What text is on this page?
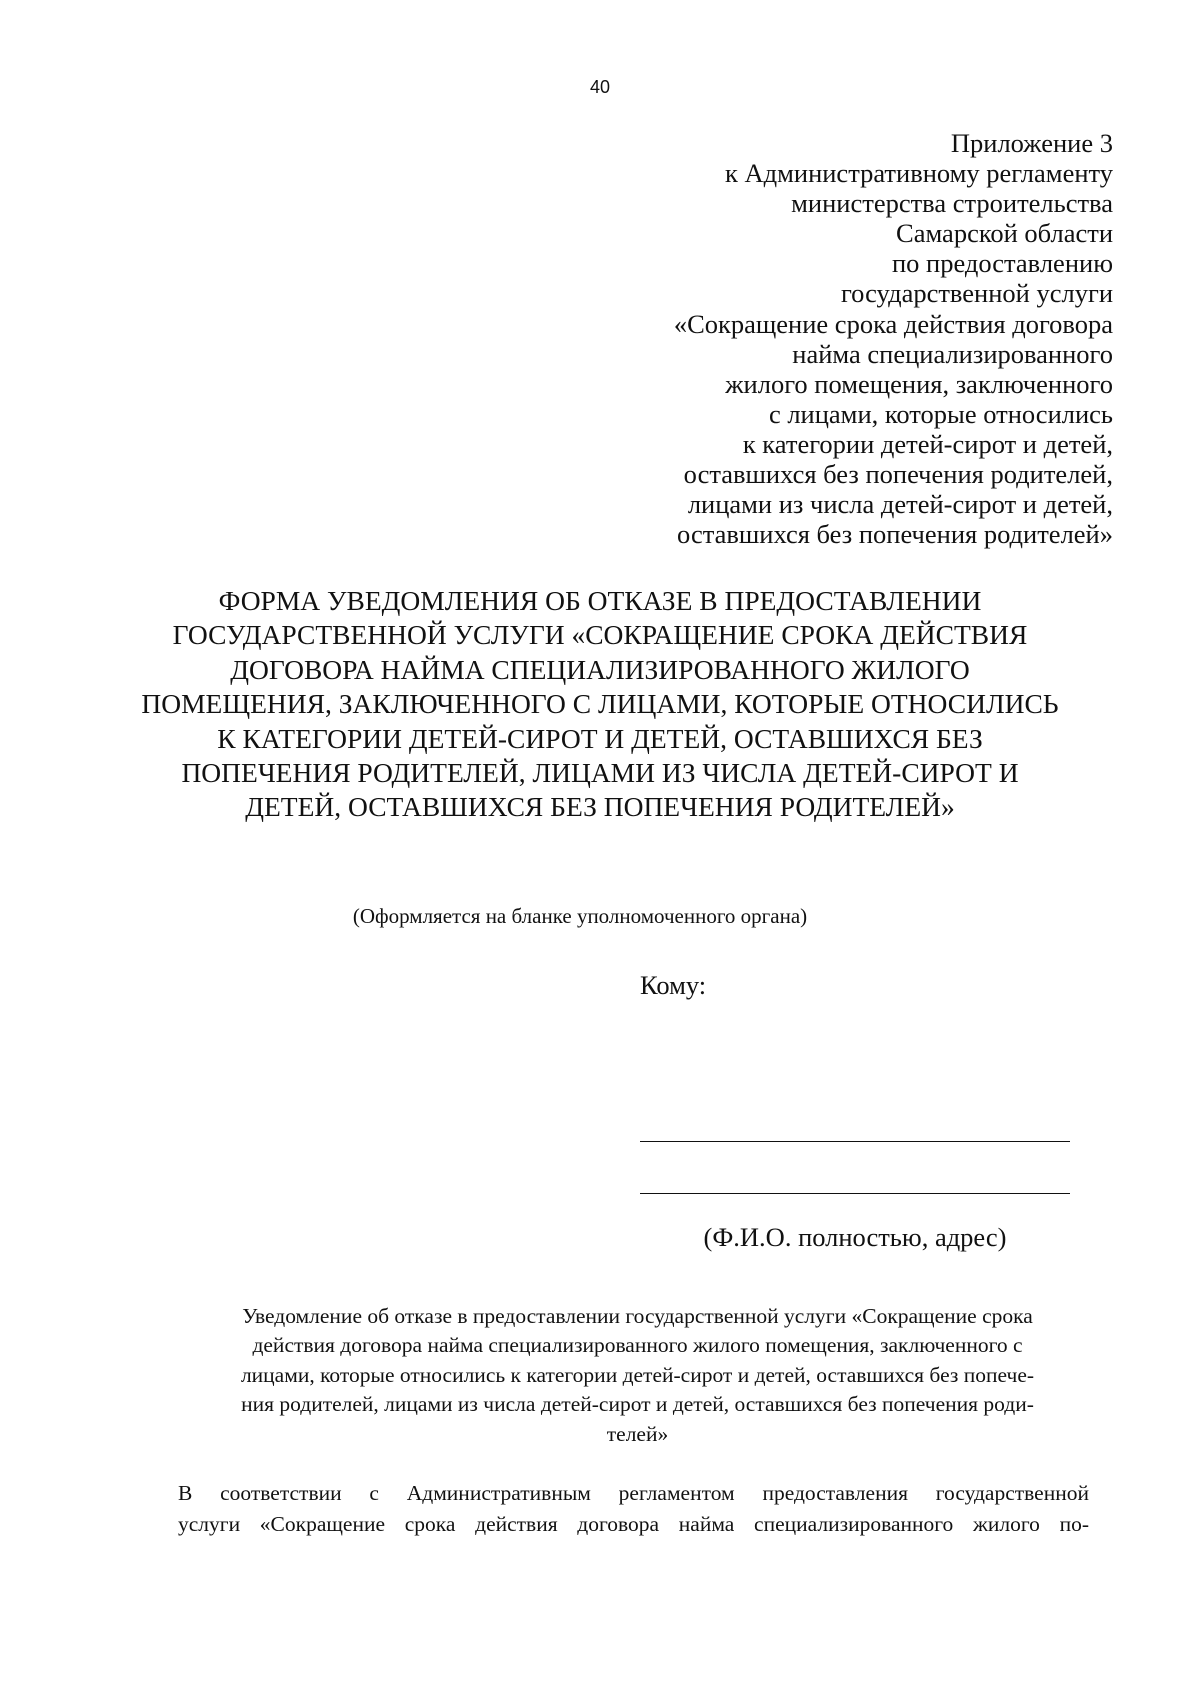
40
Приложение 3
к Административному регламенту
министерства строительства
Самарской области
по предоставлению
государственной услуги
«Сокращение срока действия договора
найма специализированного
жилого помещения, заключенного
с лицами, которые относились
к категории детей-сирот и детей,
оставшихся без попечения родителей,
лицами из числа детей-сирот и детей,
оставшихся без попечения родителей»
ФОРМА УВЕДОМЛЕНИЯ ОБ ОТКАЗЕ В ПРЕДОСТАВЛЕНИИ
ГОСУДАРСТВЕННОЙ УСЛУГИ «СОКРАЩЕНИЕ СРОКА ДЕЙСТВИЯ
ДОГОВОРА НАЙМА СПЕЦИАЛИЗИРОВАННОГО ЖИЛОГО
ПОМЕЩЕНИЯ, ЗАКЛЮЧЕННОГО С ЛИЦАМИ, КОТОРЫЕ ОТНОСИЛИСЬ
К КАТЕГОРИИ ДЕТЕЙ-СИРОТ И ДЕТЕЙ, ОСТАВШИХСЯ БЕЗ
ПОПЕЧЕНИЯ РОДИТЕЛЕЙ, ЛИЦАМИ ИЗ ЧИСЛА ДЕТЕЙ-СИРОТ И
ДЕТЕЙ, ОСТАВШИХСЯ БЕЗ ПОПЕЧЕНИЯ РОДИТЕЛЕЙ»
(Оформляется на бланке уполномоченного органа)
Кому:
(Ф.И.О. полностью, адрес)
Уведомление об отказе в предоставлении государственной услуги «Сокращение срока
действия договора найма специализированного жилого помещения, заключенного с
лицами, которые относились к категории детей-сирот и детей, оставшихся без попече-
ния родителей, лицами из числа детей-сирот и детей, оставшихся без попечения роди-
телей»
В соответствии с Административным регламентом предоставления государственной
услуги «Сокращение срока действия договора найма специализированного жилого по-
